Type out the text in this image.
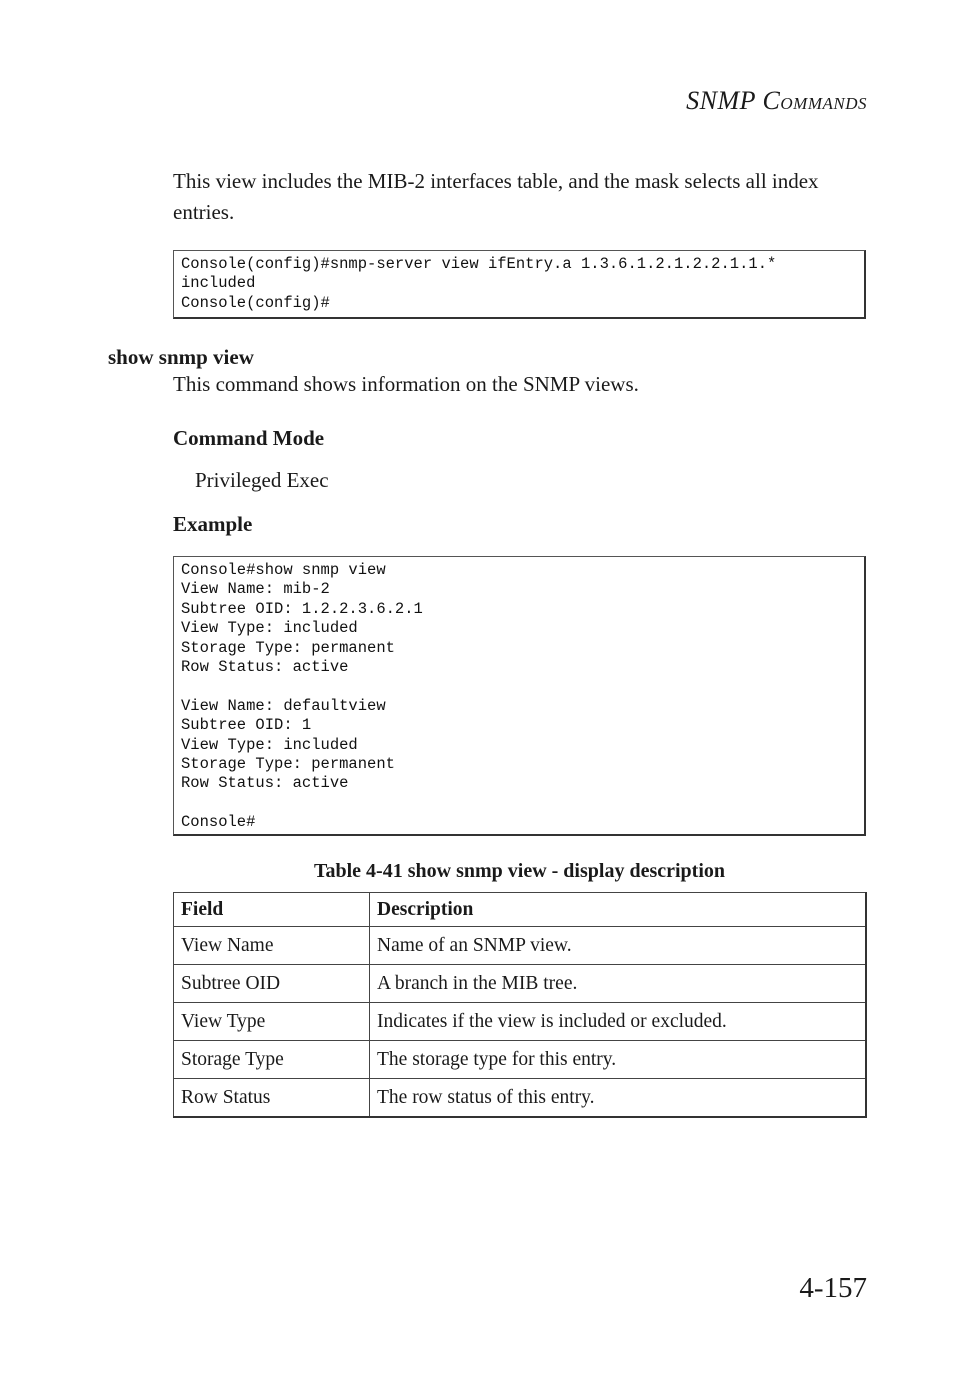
SNMP COMMANDS
This view includes the MIB-2 interfaces table, and the mask selects all index entries.
Console(config)#snmp-server view ifEntry.a 1.3.6.1.2.1.2.2.1.1.*
included
Console(config)#
show snmp view
This command shows information on the SNMP views.
Command Mode
Privileged Exec
Example
Console#show snmp view
View Name: mib-2
Subtree OID: 1.2.2.3.6.2.1
View Type: included
Storage Type: permanent
Row Status: active

View Name: defaultview
Subtree OID: 1
View Type: included
Storage Type: permanent
Row Status: active

Console#
Table 4-41 show snmp view - display description
Field	Description
View Name	Name of an SNMP view.
Subtree OID	A branch in the MIB tree.
View Type	Indicates if the view is included or excluded.
Storage Type	The storage type for this entry.
Row Status	The row status of this entry.
4-157
